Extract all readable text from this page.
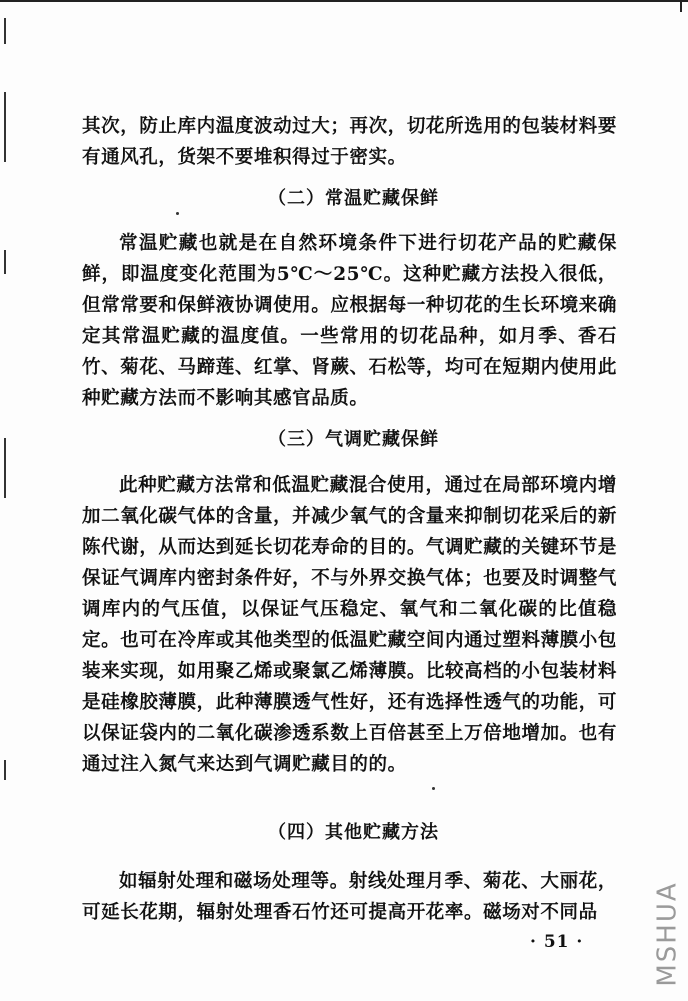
其次，防止库内温度波动过大；再次，切花所选用的包装材料要有通风孔，货架不要堆积得过于密实。

（二）常温贮藏保鲜

常温贮藏也就是在自然环境条件下进行切花产品的贮藏保鲜，即温度变化范围为5℃～25℃。这种贮藏方法投入很低，但常常要和保鲜液协调使用。应根据每一种切花的生长环境来确定其常温贮藏的温度值。一些常用的切花品种，如月季、香石竹、菊花、马蹄莲、红掌、肾蕨、石松等，均可在短期内使用此种贮藏方法而不影响其感官品质。

（三）气调贮藏保鲜

此种贮藏方法常和低温贮藏混合使用，通过在局部环境内增加二氧化碳气体的含量，并减少氧气的含量来抑制切花采后的新陈代谢，从而达到延长切花寿命的目的。气调贮藏的关键环节是保证气调库内密封条件好，不与外界交换气体；也要及时调整气调库内的气压值，以保证气压稳定、氧气和二氧化碳的比值稳定。也可在冷库或其他类型的低温贮藏空间内通过塑料薄膜小包装来实现，如用聚乙烯或聚氯乙烯薄膜。比较高档的小包装材料是硅橡胶薄膜，此种薄膜透气性好，还有选择性透气的功能，可以保证袋内的二氧化碳渗透系数上百倍甚至上万倍地增加。也有通过注入氮气来达到气调贮藏目的的。

（四）其他贮藏方法

如辐射处理和磁场处理等。射线处理月季、菊花、大丽花，可延长花期，辐射处理香石竹还可提高开花率。磁场对不同品

· 51 ·	MSHUA
